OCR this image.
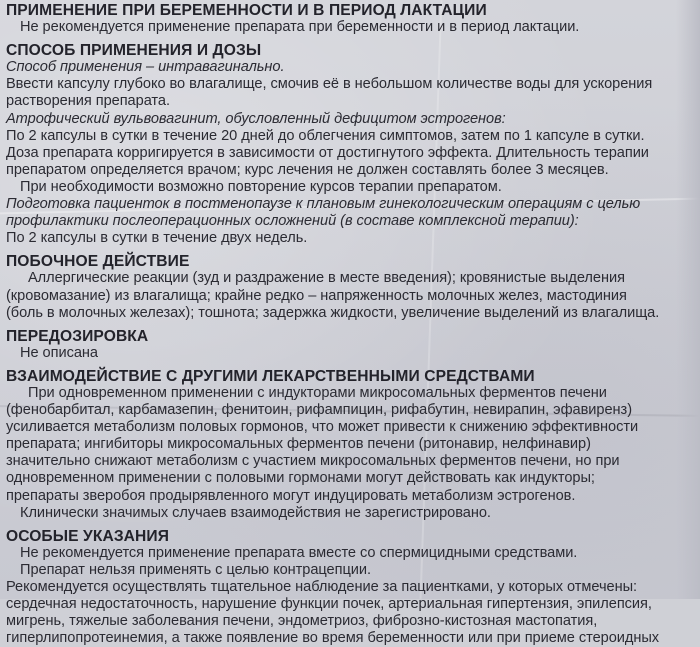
ПРИМЕНЕНИЕ ПРИ БЕРЕМЕННОСТИ И В ПЕРИОД ЛАКТАЦИИ
Не рекомендуется применение препарата при беременности и в период лактации.
СПОСОБ ПРИМЕНЕНИЯ И ДОЗЫ
Способ применения – интравагинально.
Ввести капсулу глубоко во влагалище, смочив её в небольшом количестве воды для ускорения
растворения препарата.
Атрофический вульвовагинит, обусловленный дефицитом эстрогенов:
По 2 капсулы в сутки в течение 20 дней до облегчения симптомов, затем по 1 капсуле в сутки.
Доза препарата корригируется в зависимости от достигнутого эффекта. Длительность терапии
препаратом определяется врачом; курс лечения не должен составлять более 3 месяцев.
При необходимости возможно повторение курсов терапии препаратом.
Подготовка пациенток в постменопаузе к плановым гинекологическим операциям с целью
профилактики послеоперационных осложнений (в составе комплексной терапии):
По 2 капсулы в сутки в течение двух недель.
ПОБОЧНОЕ ДЕЙСТВИЕ
Аллергические реакции (зуд и раздражение в месте введения); кровянистые выделения
(кровомазание) из влагалища; крайне редко – напряженность молочных желез, мастодиния
(боль в молочных железах); тошнота; задержка жидкости, увеличение выделений из влагалища.
ПЕРЕДОЗИРОВКА
Не описана
ВЗАИМОДЕЙСТВИЕ С ДРУГИМИ ЛЕКАРСТВЕННЫМИ СРЕДСТВАМИ
При одновременном применении с индукторами микросомальных ферментов печени
(фенобарбитал, карбамазепин, фенитоин, рифампицин, рифабутин, невирапин, эфавиренз)
усиливается метаболизм половых гормонов, что может привести к снижению эффективности
препарата; ингибиторы микросомальных ферментов печени (ритонавир, нелфинавир)
значительно снижают метаболизм с участием микросомальных ферментов печени, но при
одновременном применении с половыми гормонами могут действовать как индукторы;
препараты зверобоя продырявленного могут индуцировать метаболизм эстрогенов.
Клинически значимых случаев взаимодействия не зарегистрировано.
ОСОБЫЕ УКАЗАНИЯ
Не рекомендуется применение препарата вместе со спермицидными средствами.
Препарат нельзя применять с целью контрацепции.
Рекомендуется осуществлять тщательное наблюдение за пациентками, у которых отмечены:
сердечная недостаточность, нарушение функции почек, артериальная гипертензия, эпилепсия,
мигрень, тяжелые заболевания печени, эндометриоз, фиброзно-кистозная мастопатия,
гиперлипопротеинемия, а также появление во время беременности или при приеме стероидных
